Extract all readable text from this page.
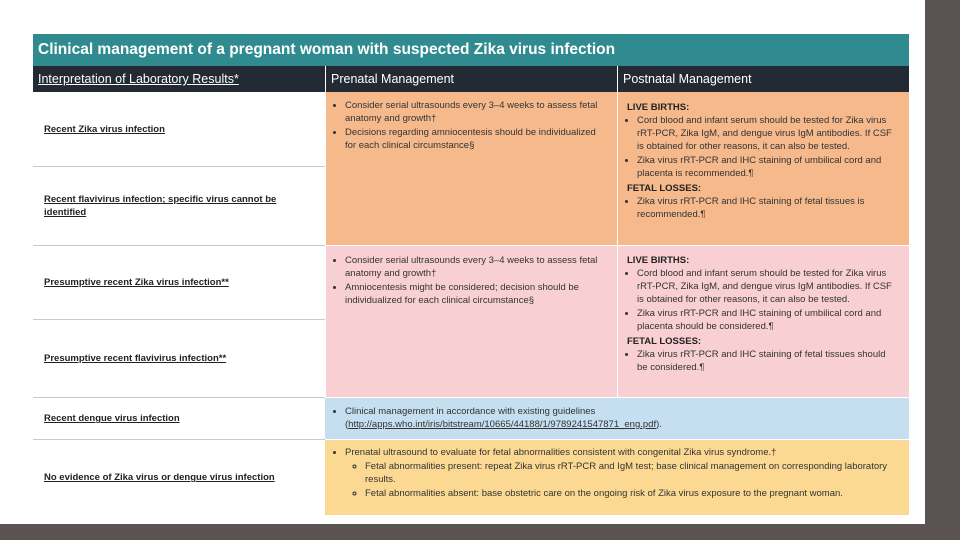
Clinical management of a pregnant woman with suspected Zika virus infection
Interpretation of Laboratory Results*	Prenatal Management	Postnatal Management
Recent Zika virus infection
Recent flavivirus infection; specific virus cannot be identified
Presumptive recent Zika virus infection**
Presumptive recent flavivirus infection**
Recent dengue virus infection
No evidence of Zika virus or dengue virus infection
• Consider serial ultrasounds every 3–4 weeks to assess fetal anatomy and growth†
• Decisions regarding amniocentesis should be individualized for each clinical circumstance§
LIVE BIRTHS:
• Cord blood and infant serum should be tested for Zika virus rRT-PCR, Zika IgM, and dengue virus IgM antibodies. If CSF is obtained for other reasons, it can also be tested.
• Zika virus rRT-PCR and IHC staining of umbilical cord and placenta is recommended.¶
FETAL LOSSES:
• Zika virus rRT-PCR and IHC staining of fetal tissues is recommended.¶
• Consider serial ultrasounds every 3–4 weeks to assess fetal anatomy and growth†
• Amniocentesis might be considered; decision should be individualized for each clinical circumstance§
LIVE BIRTHS:
• Cord blood and infant serum should be tested for Zika virus rRT-PCR, Zika IgM, and dengue virus IgM antibodies. If CSF is obtained for other reasons, it can also be tested.
• Zika virus rRT-PCR and IHC staining of umbilical cord and placenta should be considered.¶
FETAL LOSSES:
• Zika virus rRT-PCR and IHC staining of fetal tissues should be considered.¶
• Clinical management in accordance with existing guidelines (http://apps.who.int/iris/bitstream/10665/44188/1/9789241547871_eng.pdf).
• Prenatal ultrasound to evaluate for fetal abnormalities consistent with congenital Zika virus syndrome.†
◦ Fetal abnormalities present: repeat Zika virus rRT-PCR and IgM test; base clinical management on corresponding laboratory results.
◦ Fetal abnormalities absent: base obstetric care on the ongoing risk of Zika virus exposure to the pregnant woman.
